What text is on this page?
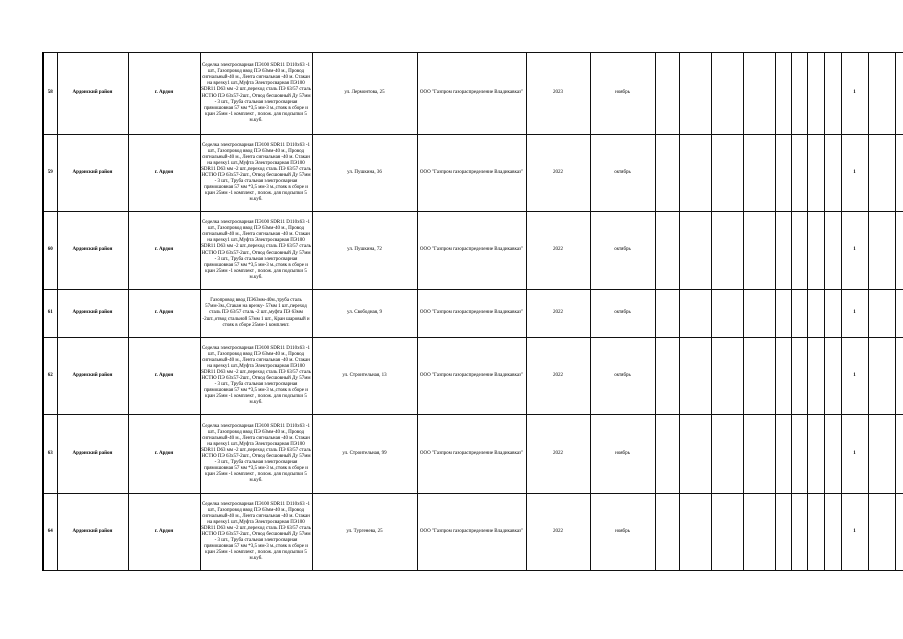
58	Ардонский район	г. Ардон	Седелка электросварная ПЭ100 SDR11 D110х63 -1 шт., Газопровод ввод ПЭ 63мм-40 м., Провод сигнальный-40 м., Лента сигнальная -40 м. Стакан на врезку1 шт.,Муфта Электросварная ПЭ100 SDR11 D63 мм -2 шт.,переход сталь ПЭ 63/57 сталь НСТЮ ПЭ 63х57-2шт., Отвод бесшовный Ду 57мм - 3 шт., Труба стальная электросварная прямошовная 57 мм *3,5 мм-3 м.,стояк в сборе и кран 25мм -1 комплект , полож. для подсыпки 5 м.куб.	ул. Лермонтова, 25	ООО "Газпром газораспределение Владикавказ"	2023	ноябрь									1			
59	Ардонский район	г. Ардон	Седелка электросварная ПЭ100 SDR11 D110х63 -1 шт., Газопровод ввод ПЭ 63мм-40 м., Провод сигнальный-40 м., Лента сигнальная -40 м. Стакан на врезку1 шт.,Муфта Электросварная ПЭ100 SDR11 D63 мм -2 шт.,переход сталь ПЭ 63/57 сталь НСТЮ ПЭ 63х57-2шт., Отвод бесшовный Ду 57мм - 3 шт., Труба стальная электросварная прямошовная 57 мм *3,5 мм-3 м.,стояк в сборе и кран 25мм -1 комплект , полож. для подсыпки 5 м.куб.	ул. Пушкина, 36	ООО "Газпром газораспределение Владикавказ"	2022	октябрь									1			
60	Ардонский район	г. Ардон	Седелка электросварная ПЭ100 SDR11 D110х63 -1 шт., Газопровод ввод ПЭ 63мм-40 м., Провод сигнальный-40 м., Лента сигнальная -40 м. Стакан на врезку1 шт.,Муфта Электросварная ПЭ100 SDR11 D63 мм -2 шт.,переход сталь ПЭ 63/57 сталь НСТЮ ПЭ 63х57-2шт., Отвод бесшовный Ду 57мм - 3 шт., Труба стальная электросварная прямошовная 57 мм *3,5 мм-3 м.,стояк в сборе и кран 25мм -1 комплект , полож. для подсыпки 5 м.куб.	ул. Пушкина, 72	ООО "Газпром газораспределение Владикавказ"	2022	октябрь									1			
61	Ардонский район	г. Ардон	Газопровод ввод ПЭ63мм-40м.,труба сталь 57мм-3м.,Стакан на врезку- 57мм 1 шт.,переход сталь ПЭ 63/57 сталь -2 шт.,муфта ПЭ 63мм -2шт.,отвод стальной 57мм 1 шт., Кран шаровый и стояк в сборе 25мм-1 комплект.	ул. Свободная, 9	ООО "Газпром газораспределение Владикавказ"	2022	октябрь									1			
62	Ардонский район	г. Ардон	Седелка электросварная ПЭ100 SDR11 D110х63 -1 шт., Газопровод ввод ПЭ 63мм-40 м., Провод сигнальный-40 м., Лента сигнальная -40 м. Стакан на врезку1 шт.,Муфта Электросварная ПЭ100 SDR11 D63 мм -2 шт.,переход сталь ПЭ 63/57 сталь НСТЮ ПЭ 63х57-2шт., Отвод бесшовный Ду 57мм - 3 шт., Труба стальная электросварная прямошовная 57 мм *3,5 мм-3 м.,стояк в сборе и кран 25мм -1 комплект , полож. для подсыпки 5 м.куб.	ул. Строительная, 13	ООО "Газпром газораспределение Владикавказ"	2022	октябрь									1			
63	Ардонский район	г. Ардон	Седелка электросварная ПЭ100 SDR11 D110х63 -1 шт., Газопровод ввод ПЭ 63мм-40 м., Провод сигнальный-40 м., Лента сигнальная -40 м. Стакан на врезку1 шт.,Муфта Электросварная ПЭ100 SDR11 D63 мм -2 шт.,переход сталь ПЭ 63/57 сталь НСТЮ ПЭ 63х57-2шт., Отвод бесшовный Ду 57мм - 3 шт., Труба стальная электросварная прямошовная 57 мм *3,5 мм-3 м.,стояк в сборе и кран 25мм -1 комплект , полож. для подсыпки 5 м.куб.	ул. Строительная, 99	ООО "Газпром газораспределение Владикавказ"	2022	ноябрь									1			
64	Ардонский район	г. Ардон	Седелка электросварная ПЭ100 SDR11 D110х63 -1 шт., Газопровод ввод ПЭ 63мм-40 м., Провод сигнальный-40 м., Лента сигнальная -40 м. Стакан на врезку1 шт.,Муфта Электросварная ПЭ100 SDR11 D63 мм -2 шт.,переход сталь ПЭ 63/57 сталь НСТЮ ПЭ 63х57-2шт., Отвод бесшовный Ду 57мм - 3 шт., Труба стальная электросварная прямошовная 57 мм *3,5 мм-3 м.,стояк в сборе и кран 25мм -1 комплект , полож. для подсыпки 5 м.куб.	ул. Тургенева, 25	ООО "Газпром газораспределение Владикавказ"	2022	ноябрь									1			
